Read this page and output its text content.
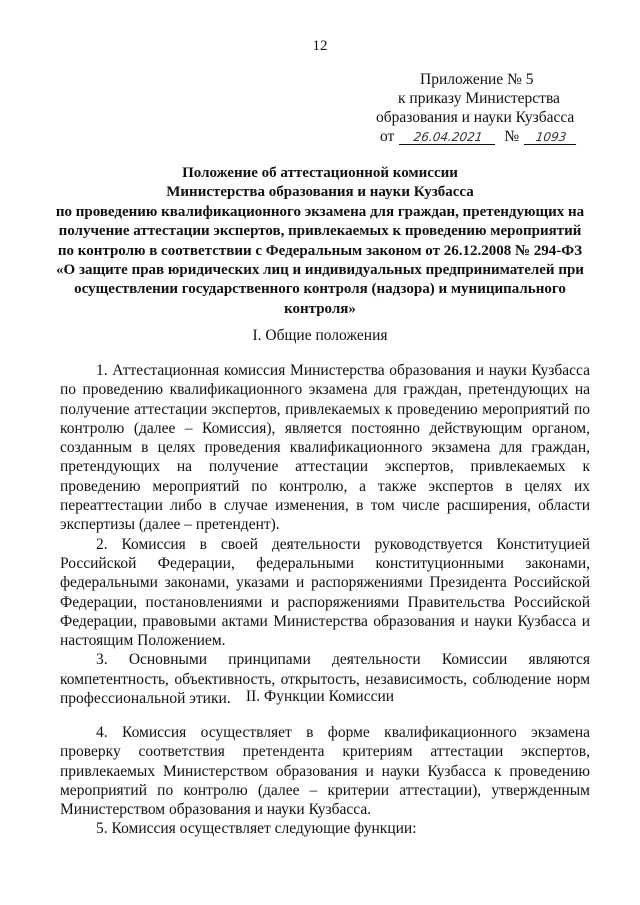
12
Приложение № 5
к приказу Министерства
образования и науки Кузбасса
от	26.04.2021	№	1093
Положение об аттестационной комиссии
Министерства образования и науки Кузбасса
по проведению квалификационного экзамена для граждан, претендующих на
получение аттестации экспертов, привлекаемых к проведению мероприятий
по контролю в соответствии с Федеральным законом от 26.12.2008 № 294-ФЗ
«О защите прав юридических лиц и индивидуальных предпринимателей при
осуществлении государственного контроля (надзора) и муниципального
контроля»
I. Общие положения

1. Аттестационная комиссия Министерства образования и науки Кузбасса по проведению квалификационного экзамена для граждан, претендующих на получение аттестации экспертов, привлекаемых к проведению мероприятий по контролю (далее – Комиссия), является постоянно действующим органом, созданным в целях проведения квалификационного экзамена для граждан, претендующих на получение аттестации экспертов, привлекаемых к проведению мероприятий по контролю, а также экспертов в целях их переаттестации либо в случае изменения, в том числе расширения, области экспертизы (далее – претендент).

2. Комиссия в своей деятельности руководствуется Конституцией Российской Федерации, федеральными конституционными законами, федеральными законами, указами и распоряжениями Президента Российской Федерации, постановлениями и распоряжениями Правительства Российской Федерации, правовыми актами Министерства образования и науки Кузбасса и настоящим Положением.

3. Основными принципами деятельности Комиссии являются компетентность, объективность, открытость, независимость, соблюдение норм профессиональной этики. II. Функции Комиссии

4. Комиссия осуществляет в форме квалификационного экзамена проверку соответствия претендента критериям аттестации экспертов, привлекаемых Министерством образования и науки Кузбасса к проведению мероприятий по контролю (далее – критерии аттестации), утвержденным Министерством образования и науки Кузбасса.

5. Комиссия осуществляет следующие функции:
